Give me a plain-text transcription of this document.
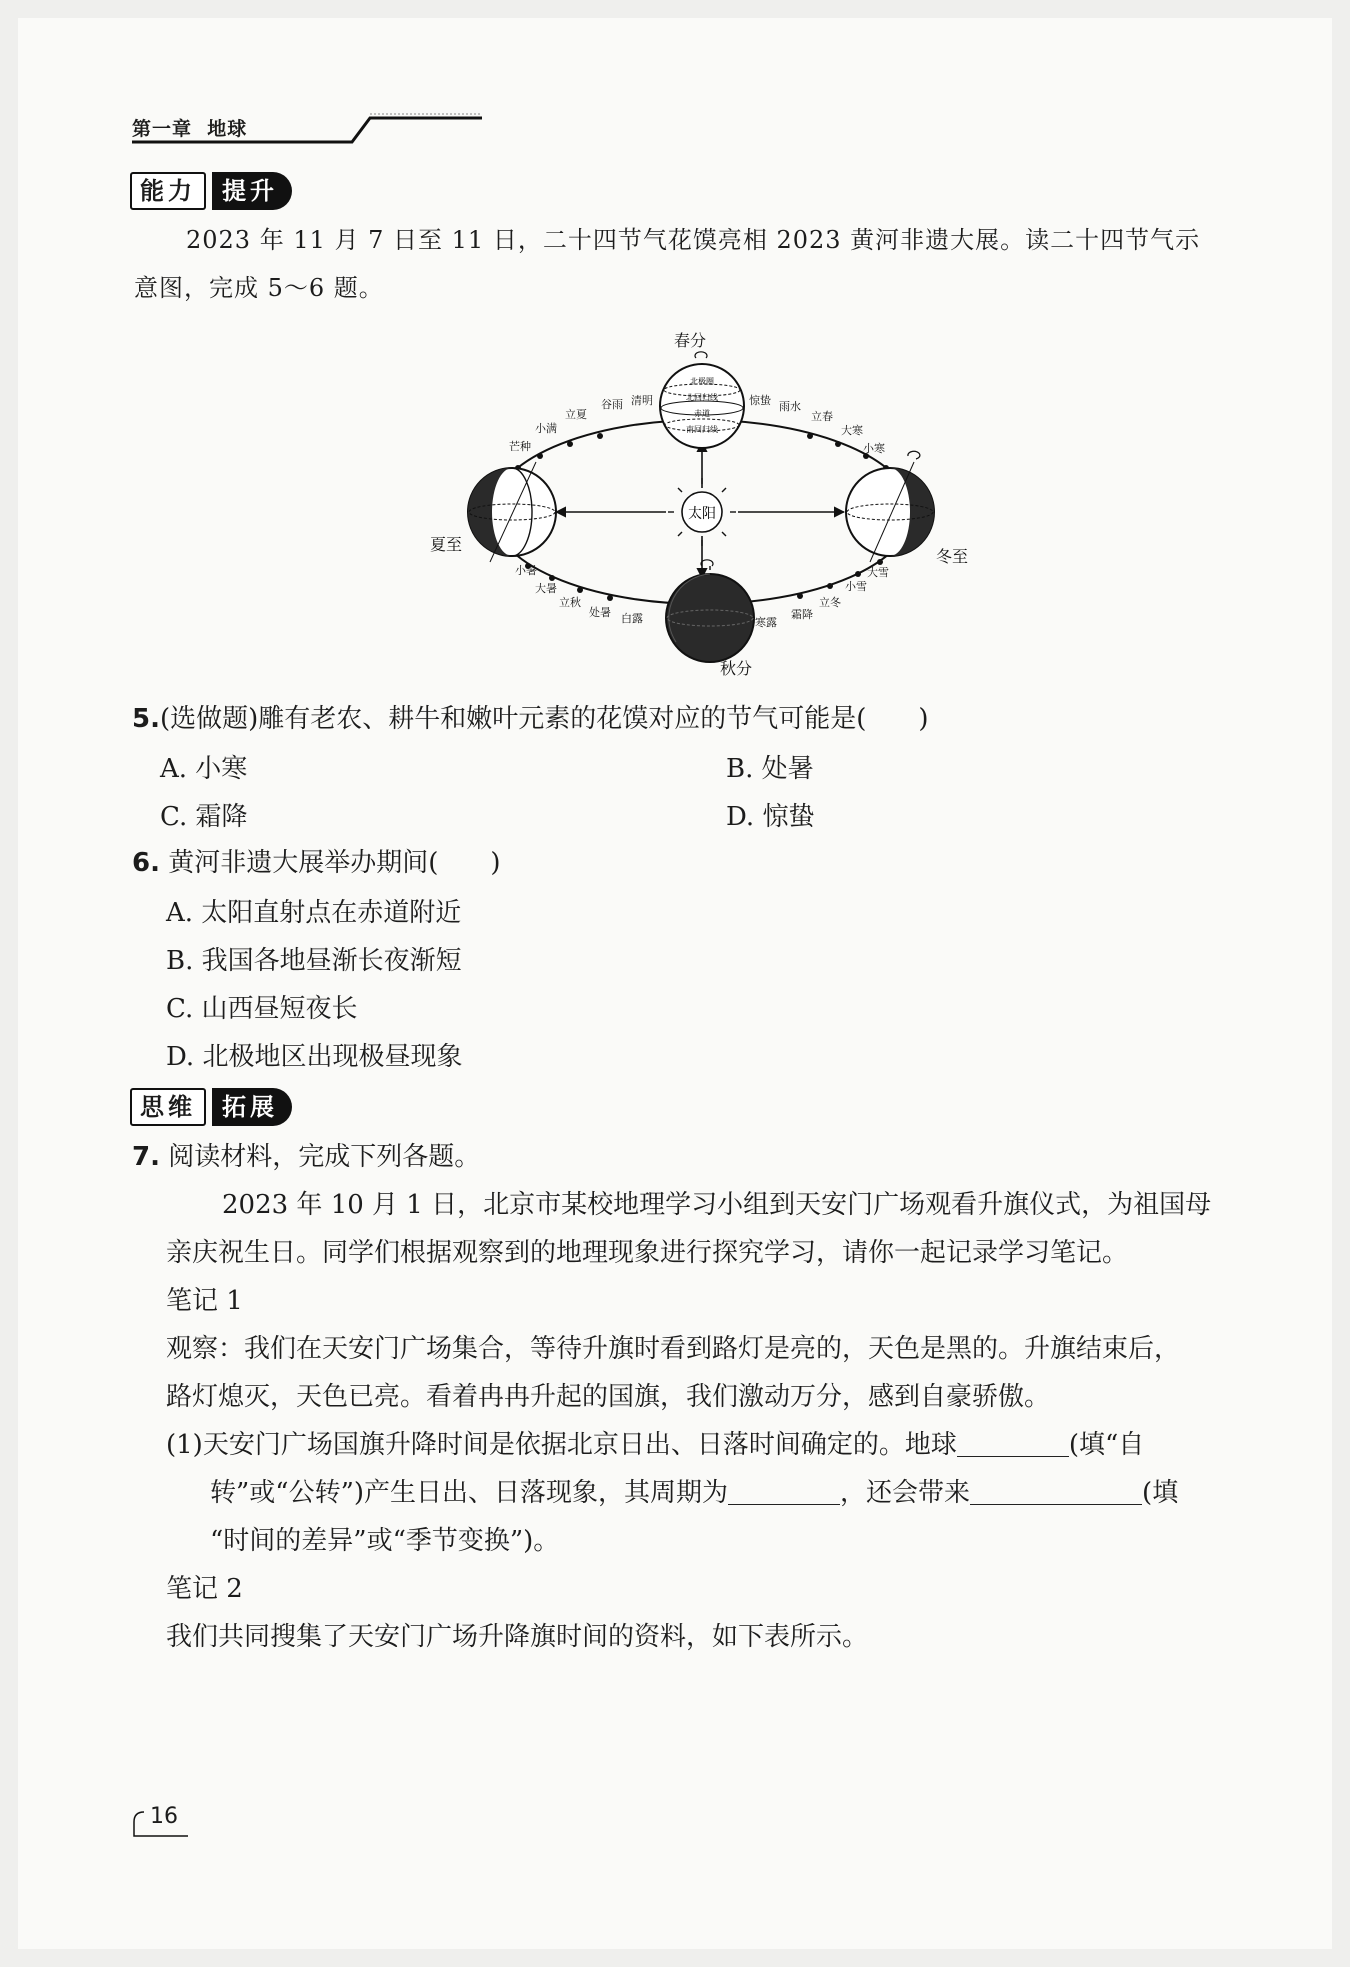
第一章 地球
能力	提升
2023 年 11 月 7 日至 11 日，二十四节气花馍亮相 2023 黄河非遗大展。读二十四节气示
意图，完成 5～6 题。
太阳
北极圈
北回归线
赤道
南回归线
春分
夏至
秋分
冬至
清明
谷雨
立夏
小满
芒种
惊蛰 雨水
立春
大寒
小寒
小暑
大暑
立秋
处暑 白露	寒露
霜降
立冬
小雪
大雪
5.(选做题)雕有老农、耕牛和嫩叶元素的花馍对应的节气可能是(　　)
A. 小寒	B. 处暑
C. 霜降	D. 惊蛰
6. 黄河非遗大展举办期间(　　)
A. 太阳直射点在赤道附近
B. 我国各地昼渐长夜渐短
C. 山西昼短夜长
D. 北极地区出现极昼现象
思维	拓展
7. 阅读材料，完成下列各题。
2023 年 10 月 1 日，北京市某校地理学习小组到天安门广场观看升旗仪式，为祖国母
亲庆祝生日。同学们根据观察到的地理现象进行探究学习，请你一起记录学习笔记。
笔记 1
观察：我们在天安门广场集合，等待升旗时看到路灯是亮的，天色是黑的。升旗结束后，
路灯熄灭，天色已亮。看着冉冉升起的国旗，我们激动万分，感到自豪骄傲。
(1)天安门广场国旗升降时间是依据北京日出、日落时间确定的。地球	(填“自
转”或“公转”)产生日出、日落现象，其周期为	，还会带来	(填
“时间的差异”或“季节变换”)。
笔记 2
我们共同搜集了天安门广场升降旗时间的资料，如下表所示。
16
